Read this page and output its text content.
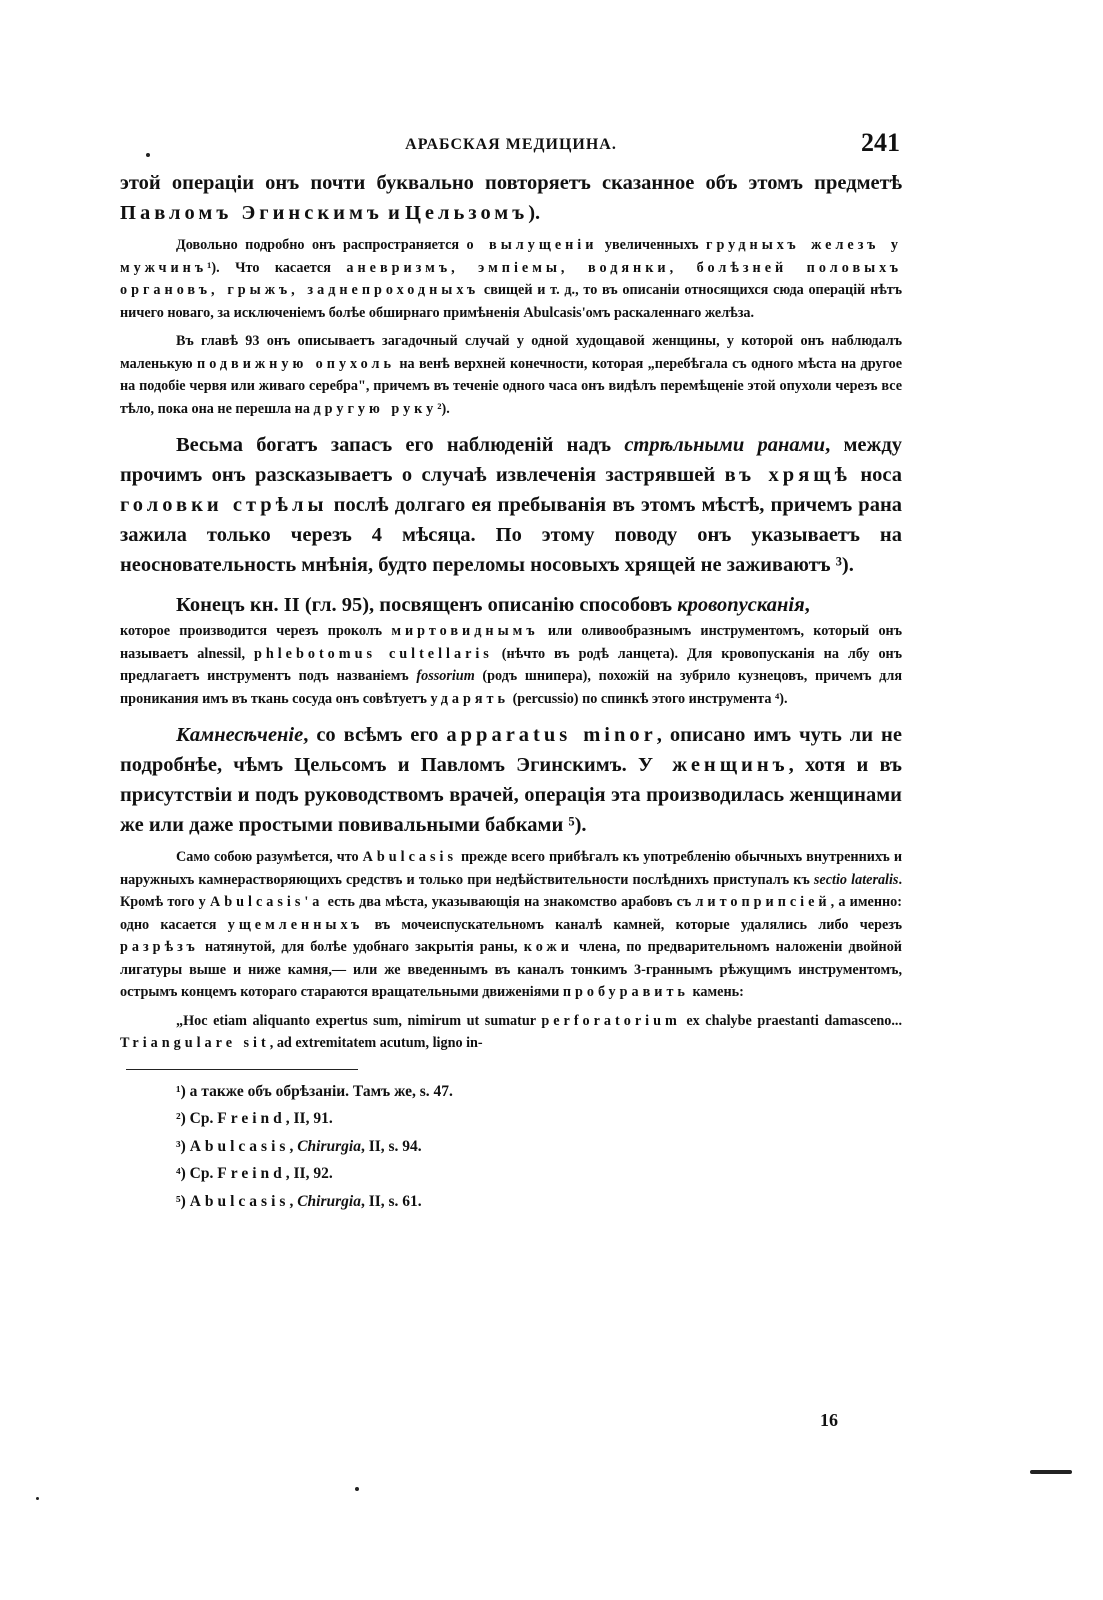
АРАБСКАЯ МЕДИЦИНА.	241

этой операціи онъ почти буквально повторяетъ сказанное объ этомъ предметѣ Павломъ Эгинскимъ и Цельзомъ).

Довольно подробно онъ распространяется о вылущеніи увеличенныхъ грудныхъ железъ у мужчинъ¹). Что касается аневризмъ, эмпіемы, водянки, болѣзней половыхъ органовъ, грыжъ, заднепроходныхъ свищей и т. д., то въ описаніи относящихся сюда операцій нѣтъ ничего новаго, за исключеніемъ болѣе обширнаго примѣненія Abulcasis'омъ раскаленнаго желѣза.

Въ главѣ 93 онъ описываетъ загадочный случай у одной худощавой женщины, у которой онъ наблюдалъ маленькую подвижную опухоль на венѣ верхней конечности, которая „перебѣгала съ одного мѣста на другое на подобіе червя или живаго серебра", причемъ въ теченіе одного часа онъ видѣлъ перемѣщеніе этой опухоли черезъ все тѣло, пока она не перешла на другую руку²).

Весьма богатъ запасъ его наблюденій надъ стрѣльными ранами, между прочимъ онъ разсказываетъ о случаѣ извлеченія застрявшей въ хрящѣ носа головки стрѣлы послѣ долгаго ея пребыванія въ этомъ мѣстѣ, причемъ рана зажила только черезъ 4 мѣсяца. По этому поводу онъ указываетъ на неосновательность мнѣнія, будто переломы носовыхъ хрящей не заживаютъ ³).

Конецъ кн. II (гл. 95), посвященъ описанію способовъ кровопусканія,
которое производится черезъ проколъ миртовиднымъ или оливообразнымъ инструментомъ, который онъ называетъ alnessil, phlebotomus cultellaris (нѣчто въ родѣ ланцета). Для кровопусканія на лбу онъ предлагаетъ инструментъ подъ названіемъ fossorium (родъ шнипера), похожій на зубрило кузнецовъ, причемъ для проникания имъ въ ткань сосуда онъ совѣтуетъ ударять (percussio) по спинкѣ этого инструмента ⁴).

Камнесѣченіе, со всѣмъ его apparatus minor, описано имъ чуть ли не подробнѣе, чѣмъ Цельсомъ и Павломъ Эгинскимъ. У женщинъ, хотя и въ присутствіи и подъ руководствомъ врачей, операція эта производилась женщинами же или даже простыми повивальными бабками ⁵).

Само собою разумѣется, что Abulcasis прежде всего прибѣгалъ къ употребленію обычныхъ внутреннихъ и наружныхъ камнерастворяющихъ средствъ и только при недѣйствительности послѣднихъ приступалъ къ sectio lateralis. Кромѣ того у Abulcasis'а есть два мѣста, указывающія на знакомство арабовъ съ литоприпсіей, а именно: одно касается ущемленныхъ въ мочеиспускательномъ каналѣ камней, которые удалялись либо черезъ разрѣзъ натянутой, для болѣе удобнаго закрытія раны, кожи члена, по предварительномъ наложеніи двойной лигатуры выше и ниже камня,— или же введеннымъ въ каналъ тонкимъ 3-граннымъ рѣжущимъ инструментомъ, острымъ концемъ котораго стараются вращательными движеніями пробуравить камень:

„Hoc etiam aliquanto expertus sum, nimirum ut sumatur perforatorium ex chalybe praestanti damasceno... Triangulare sit, ad extremitatem acutum, ligno in-

¹) а также объ обрѣзаніи. Тамъ же, s. 47.
²) Ср. Freind, II, 91.
³) Abulcasis, Chirurgia, II, s. 94.
⁴) Ср. Freind, II, 92.
⁵) Abulcasis, Chirurgia, II, s. 61.
16
